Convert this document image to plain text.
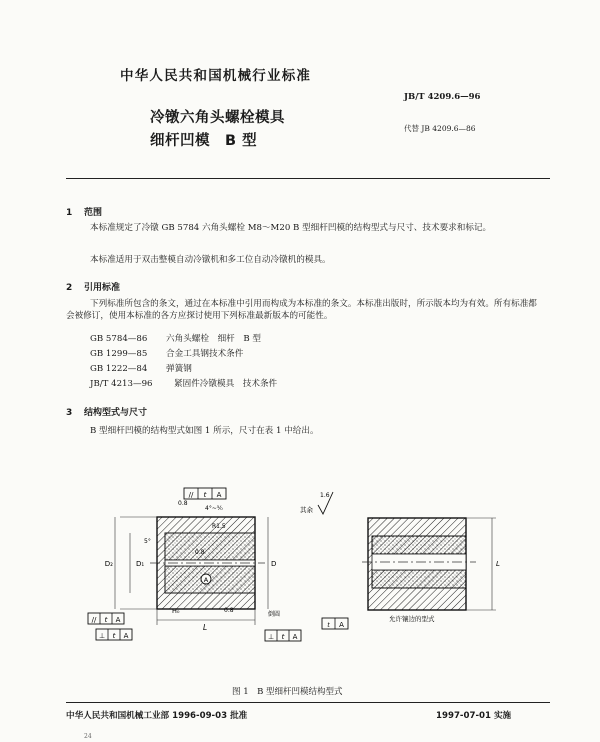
中华人民共和国机械行业标准
JB/T 4209.6—96
冷镦六角头螺栓模具
细杆凹模　B 型
代替 JB 4209.6—86
1 范围
本标准规定了冷镦 GB 5784 六角头螺栓 M8～M20 B 型细杆凹模的结构型式与尺寸、技术要求和标记。
本标准适用于双击整模自动冷镦机和多工位自动冷镦机的模具。
2 引用标准
下列标准所包含的条文，通过在本标准中引用而构成为本标准的条文。本标准出版时，所示版本均为有效。所有标准都会被修订，使用本标准的各方应探讨使用下列标准最新版本的可能性。
GB 5784—86 六角头螺栓　细杆　B 型
GB 1299—85 合金工具钢技术条件
GB 1222—84 弹簧钢
JB/T 4213—96 紧固件冷镦模具　技术条件
3 结构型式与尺寸
B 型细杆凹模的结构型式如图 1 所示，尺寸在表 1 中给出。
D₂	D₁	D
L
H₀
R1.5
5°
0.8
0.8
4°~⁵⁄₀
0.8
倒圆
A
// t A
// t A
⊥ t A	⊥ t A
t A
1.6
其余
L
允许镶边的型式
图 1　B 型细杆凹模结构型式
中华人民共和国机械工业部 1996-09-03 批准	1997-07-01 实施
24
